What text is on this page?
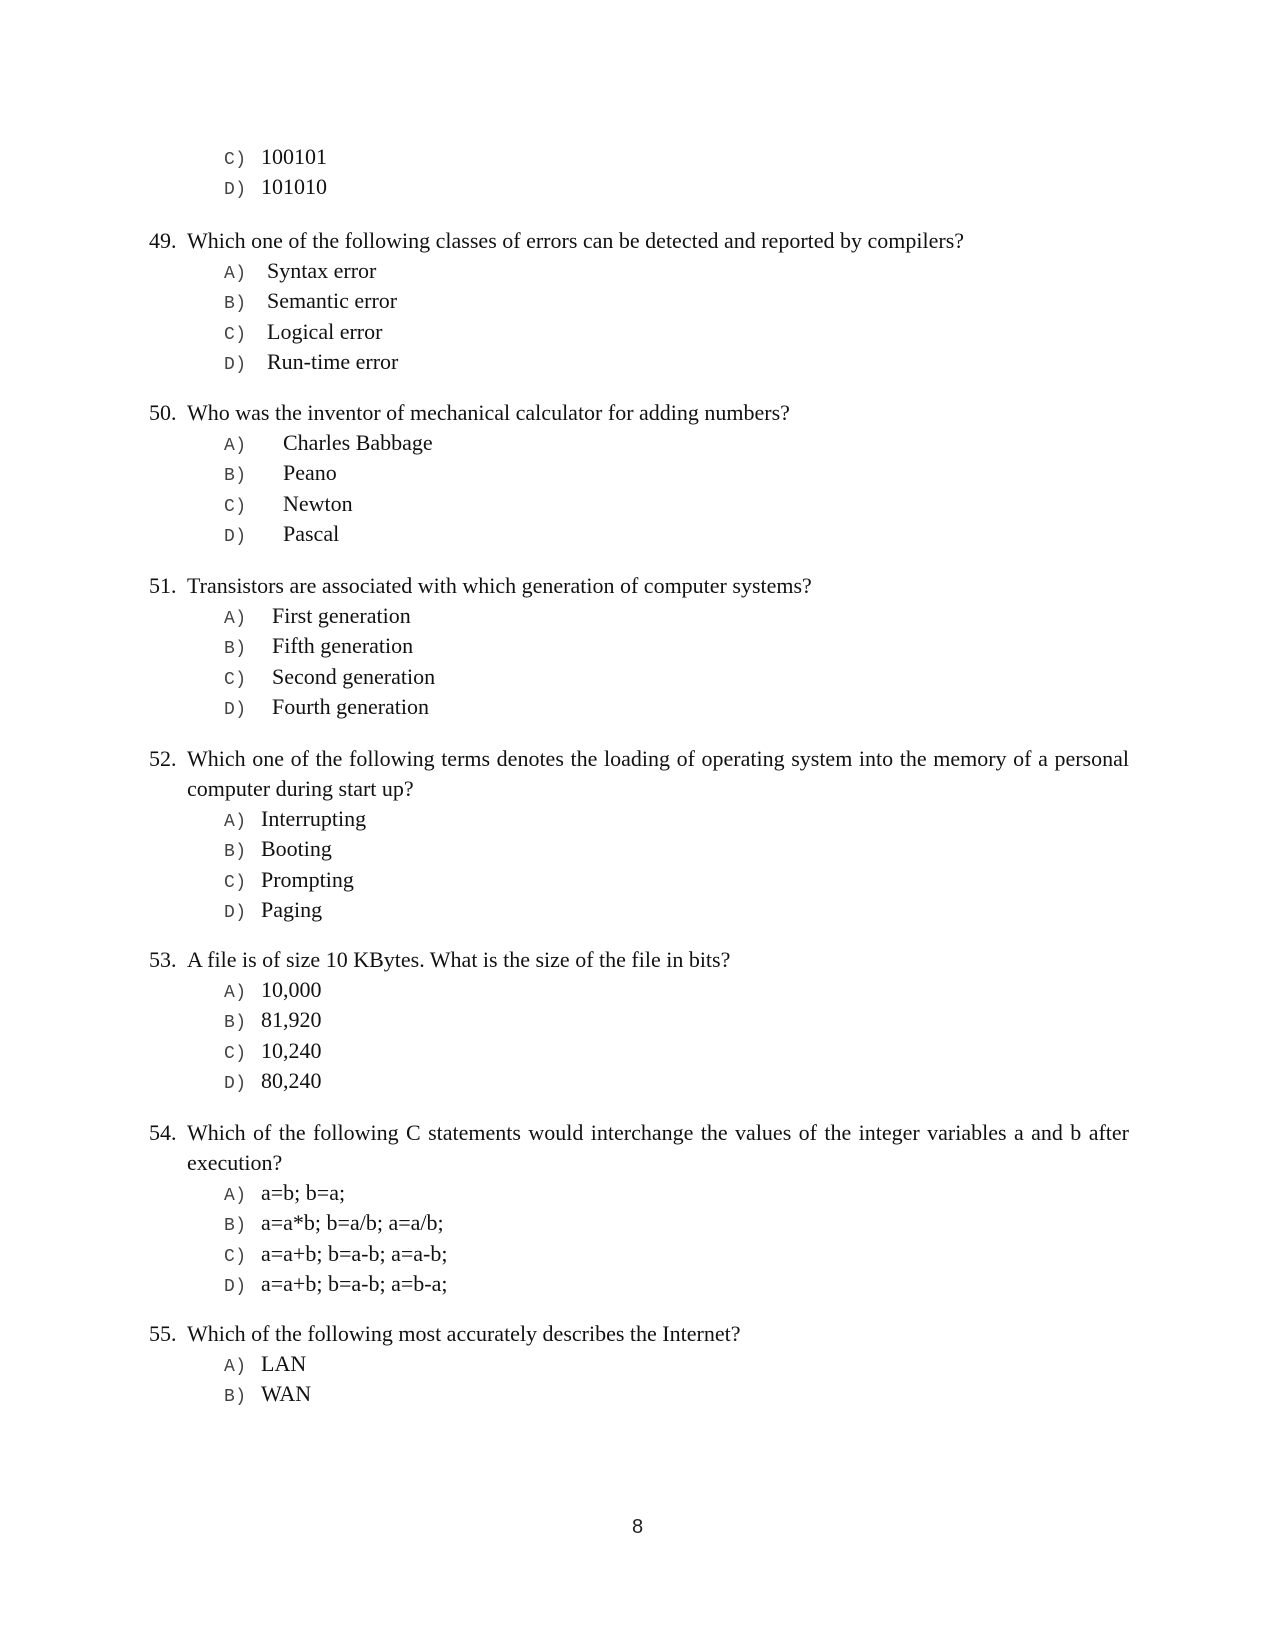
C) 100101
D) 101010
49. Which one of the following classes of errors can be detected and reported by compilers?
A) Syntax error
B) Semantic error
C) Logical error
D) Run-time error
50. Who was the inventor of mechanical calculator for adding numbers?
A)	Charles Babbage
B)	Peano
C)	Newton
D)	Pascal
51. Transistors are associated with which generation of computer systems?
A)	First generation
B)	Fifth generation
C)	Second generation
D)	Fourth generation
52. Which one of the following terms denotes the loading of operating system into the memory of a personal computer during start up?
A) Interrupting
B) Booting
C) Prompting
D) Paging
53. A file is of size 10 KBytes. What is the size of the file in bits?
A) 10,000
B) 81,920
C) 10,240
D) 80,240
54. Which of the following C statements would interchange the values of the integer variables a and b after execution?
A) a=b; b=a;
B) a=a*b; b=a/b; a=a/b;
C) a=a+b; b=a-b; a=a-b;
D) a=a+b; b=a-b; a=b-a;
55. Which of the following most accurately describes the Internet?
A) LAN
B) WAN
8
